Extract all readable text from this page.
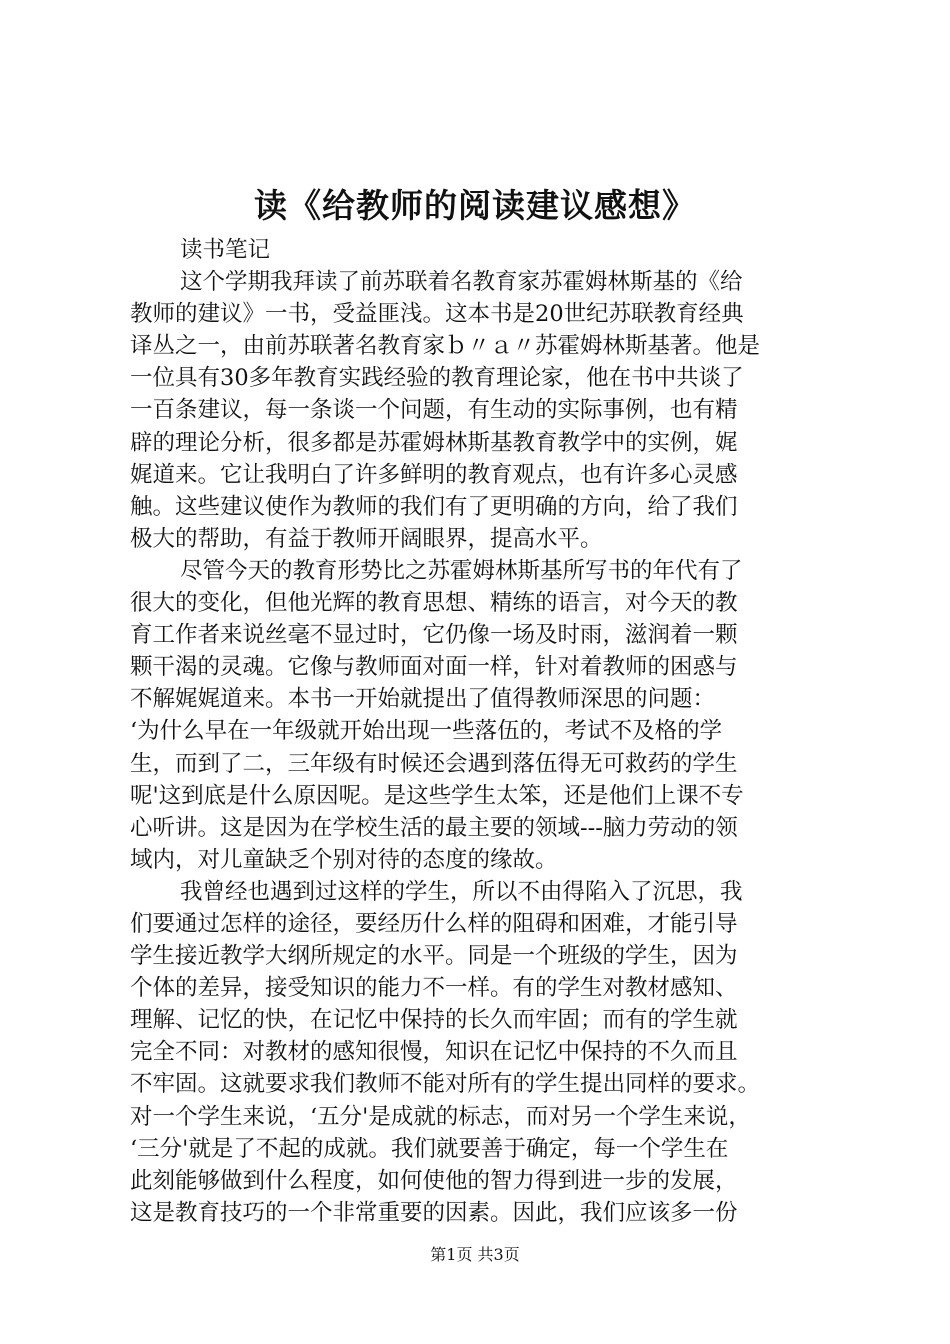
读《给教师的阅读建议感想》
读书笔记
这个学期我拜读了前苏联着名教育家苏霍姆林斯基的《给
教师的建议》一书，受益匪浅。这本书是20世纪苏联教育经典
译丛之一，由前苏联著名教育家ｂ〃ａ〃苏霍姆林斯基著。他是
一位具有30多年教育实践经验的教育理论家，他在书中共谈了
一百条建议，每一条谈一个问题，有生动的实际事例，也有精
辟的理论分析，很多都是苏霍姆林斯基教育教学中的实例，娓
娓道来。它让我明白了许多鲜明的教育观点，也有许多心灵感
触。这些建议使作为教师的我们有了更明确的方向，给了我们
极大的帮助，有益于教师开阔眼界，提高水平。
尽管今天的教育形势比之苏霍姆林斯基所写书的年代有了
很大的变化，但他光辉的教育思想、精练的语言，对今天的教
育工作者来说丝毫不显过时，它仍像一场及时雨，滋润着一颗
颗干渴的灵魂。它像与教师面对面一样，针对着教师的困惑与
不解娓娓道来。本书一开始就提出了值得教师深思的问题：
‘为什么早在一年级就开始出现一些落伍的，考试不及格的学
生，而到了二，三年级有时候还会遇到落伍得无可救药的学生
呢'这到底是什么原因呢。是这些学生太笨，还是他们上课不专
心听讲。这是因为在学校生活的最主要的领域---脑力劳动的领
域内，对儿童缺乏个别对待的态度的缘故。
我曾经也遇到过这样的学生，所以不由得陷入了沉思，我
们要通过怎样的途径，要经历什么样的阻碍和困难，才能引导
学生接近教学大纲所规定的水平。同是一个班级的学生，因为
个体的差异，接受知识的能力不一样。有的学生对教材感知、
理解、记忆的快，在记忆中保持的长久而牢固；而有的学生就
完全不同：对教材的感知很慢，知识在记忆中保持的不久而且
不牢固。这就要求我们教师不能对所有的学生提出同样的要求。
对一个学生来说，‘五分'是成就的标志，而对另一个学生来说，
‘三分'就是了不起的成就。我们就要善于确定，每一个学生在
此刻能够做到什么程度，如何使他的智力得到进一步的发展，
这是教育技巧的一个非常重要的因素。因此，我们应该多一份
第1页 共3页
